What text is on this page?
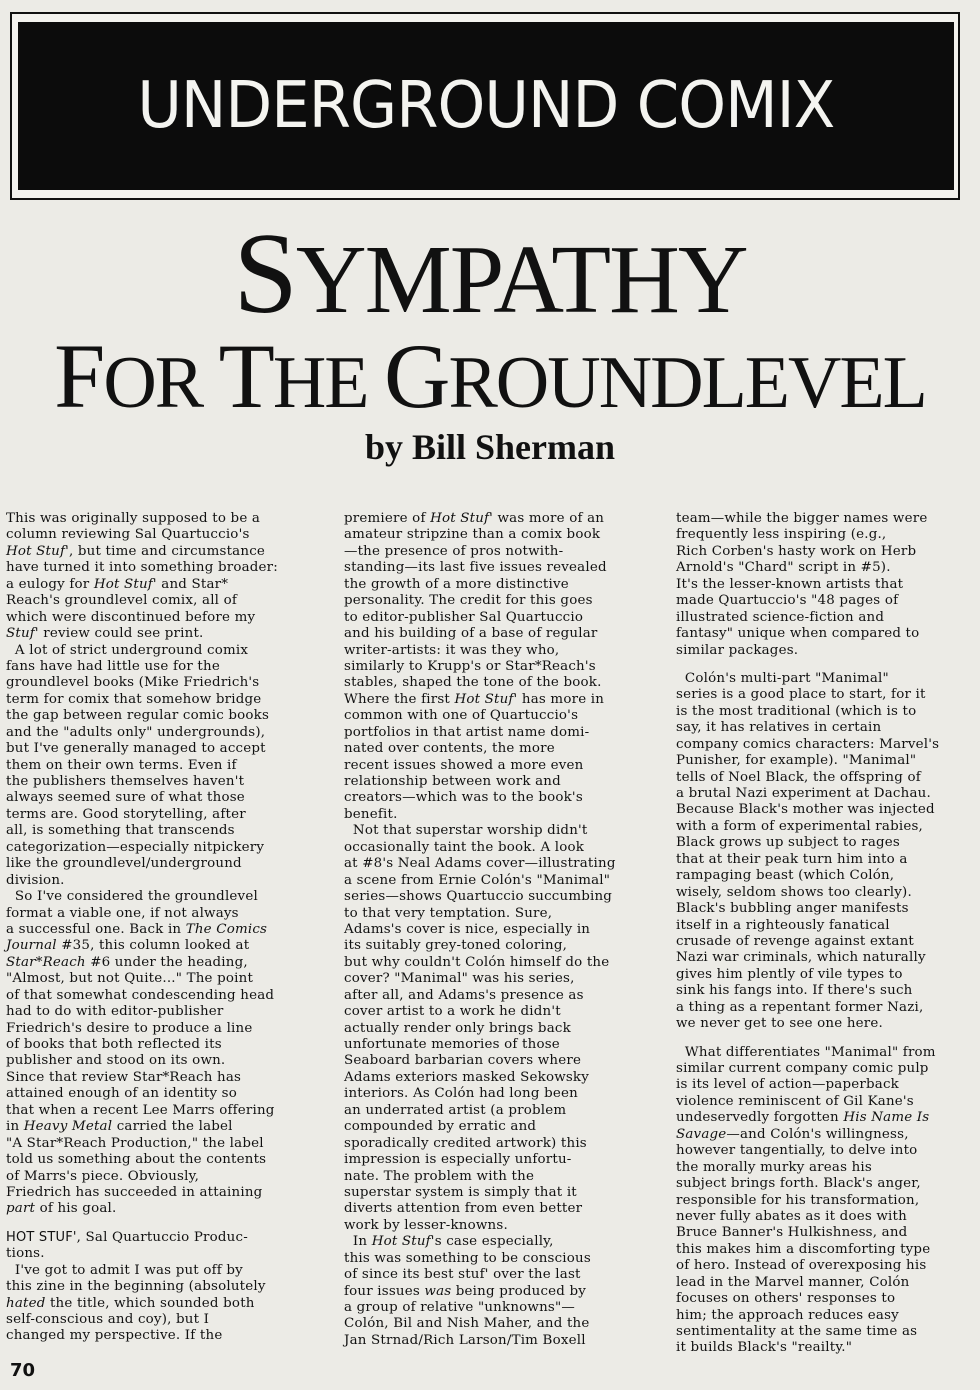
UNDERGROUND COMIX
SYMPATHY
FOR THE GROUNDLEVEL
by Bill Sherman
This was originally supposed to be a
column reviewing Sal Quartuccio's
Hot Stuf', but time and circumstance
have turned it into something broader:
a eulogy for Hot Stuf' and Star*
Reach's groundlevel comix, all of
which were discontinued before my
Stuf' review could see print.
A lot of strict underground comix
fans have had little use for the
groundlevel books (Mike Friedrich's
term for comix that somehow bridge
the gap between regular comic books
and the "adults only" undergrounds),
but I've generally managed to accept
them on their own terms. Even if
the publishers themselves haven't
always seemed sure of what those
terms are. Good storytelling, after
all, is something that transcends
categorization—especially nitpickery
like the groundlevel/underground
division.
So I've considered the groundlevel
format a viable one, if not always
a successful one. Back in The Comics
Journal #35, this column looked at
Star*Reach #6 under the heading,
"Almost, but not Quite..." The point
of that somewhat condescending head
had to do with editor-publisher
Friedrich's desire to produce a line
of books that both reflected its
publisher and stood on its own.
Since that review Star*Reach has
attained enough of an identity so
that when a recent Lee Marrs offering
in Heavy Metal carried the label
"A Star*Reach Production," the label
told us something about the contents
of Marrs's piece. Obviously,
Friedrich has succeeded in attaining
part of his goal.
HOT STUF', Sal Quartuccio Produc-
tions.
I've got to admit I was put off by
this zine in the beginning (absolutely
hated the title, which sounded both
self-conscious and coy), but I
changed my perspective. If the
premiere of Hot Stuf' was more of an
amateur stripzine than a comix book
—the presence of pros notwith-
standing—its last five issues revealed
the growth of a more distinctive
personality. The credit for this goes
to editor-publisher Sal Quartuccio
and his building of a base of regular
writer-artists: it was they who,
similarly to Krupp's or Star*Reach's
stables, shaped the tone of the book.
Where the first Hot Stuf' has more in
common with one of Quartuccio's
portfolios in that artist name domi-
nated over contents, the more
recent issues showed a more even
relationship between work and
creators—which was to the book's
benefit.
Not that superstar worship didn't
occasionally taint the book. A look
at #8's Neal Adams cover—illustrating
a scene from Ernie Colón's "Manimal"
series—shows Quartuccio succumbing
to that very temptation. Sure,
Adams's cover is nice, especially in
its suitably grey-toned coloring,
but why couldn't Colón himself do the
cover? "Manimal" was his series,
after all, and Adams's presence as
cover artist to a work he didn't
actually render only brings back
unfortunate memories of those
Seaboard barbarian covers where
Adams exteriors masked Sekowsky
interiors. As Colón had long been
an underrated artist (a problem
compounded by erratic and
sporadically credited artwork) this
impression is especially unfortu-
nate. The problem with the
superstar system is simply that it
diverts attention from even better
work by lesser-knowns.
In Hot Stuf's case especially,
this was something to be conscious
of since its best stuf' over the last
four issues was being produced by
a group of relative "unknowns"—
Colón, Bil and Nish Maher, and the
Jan Strnad/Rich Larson/Tim Boxell
team—while the bigger names were
frequently less inspiring (e.g.,
Rich Corben's hasty work on Herb
Arnold's "Chard" script in #5).
It's the lesser-known artists that
made Quartuccio's "48 pages of
illustrated science-fiction and
fantasy" unique when compared to
similar packages.
Colón's multi-part "Manimal"
series is a good place to start, for it
is the most traditional (which is to
say, it has relatives in certain
company comics characters: Marvel's
Punisher, for example). "Manimal"
tells of Noel Black, the offspring of
a brutal Nazi experiment at Dachau.
Because Black's mother was injected
with a form of experimental rabies,
Black grows up subject to rages
that at their peak turn him into a
rampaging beast (which Colón,
wisely, seldom shows too clearly).
Black's bubbling anger manifests
itself in a righteously fanatical
crusade of revenge against extant
Nazi war criminals, which naturally
gives him plently of vile types to
sink his fangs into. If there's such
a thing as a repentant former Nazi,
we never get to see one here.
What differentiates "Manimal" from
similar current company comic pulp
is its level of action—paperback
violence reminiscent of Gil Kane's
undeservedly forgotten His Name Is
Savage—and Colón's willingness,
however tangentially, to delve into
the morally murky areas his
subject brings forth. Black's anger,
responsible for his transformation,
never fully abates as it does with
Bruce Banner's Hulkishness, and
this makes him a discomforting type
of hero. Instead of overexposing his
lead in the Marvel manner, Colón
focuses on others' responses to
him; the approach reduces easy
sentimentality at the same time as
it builds Black's "reailty."
70
